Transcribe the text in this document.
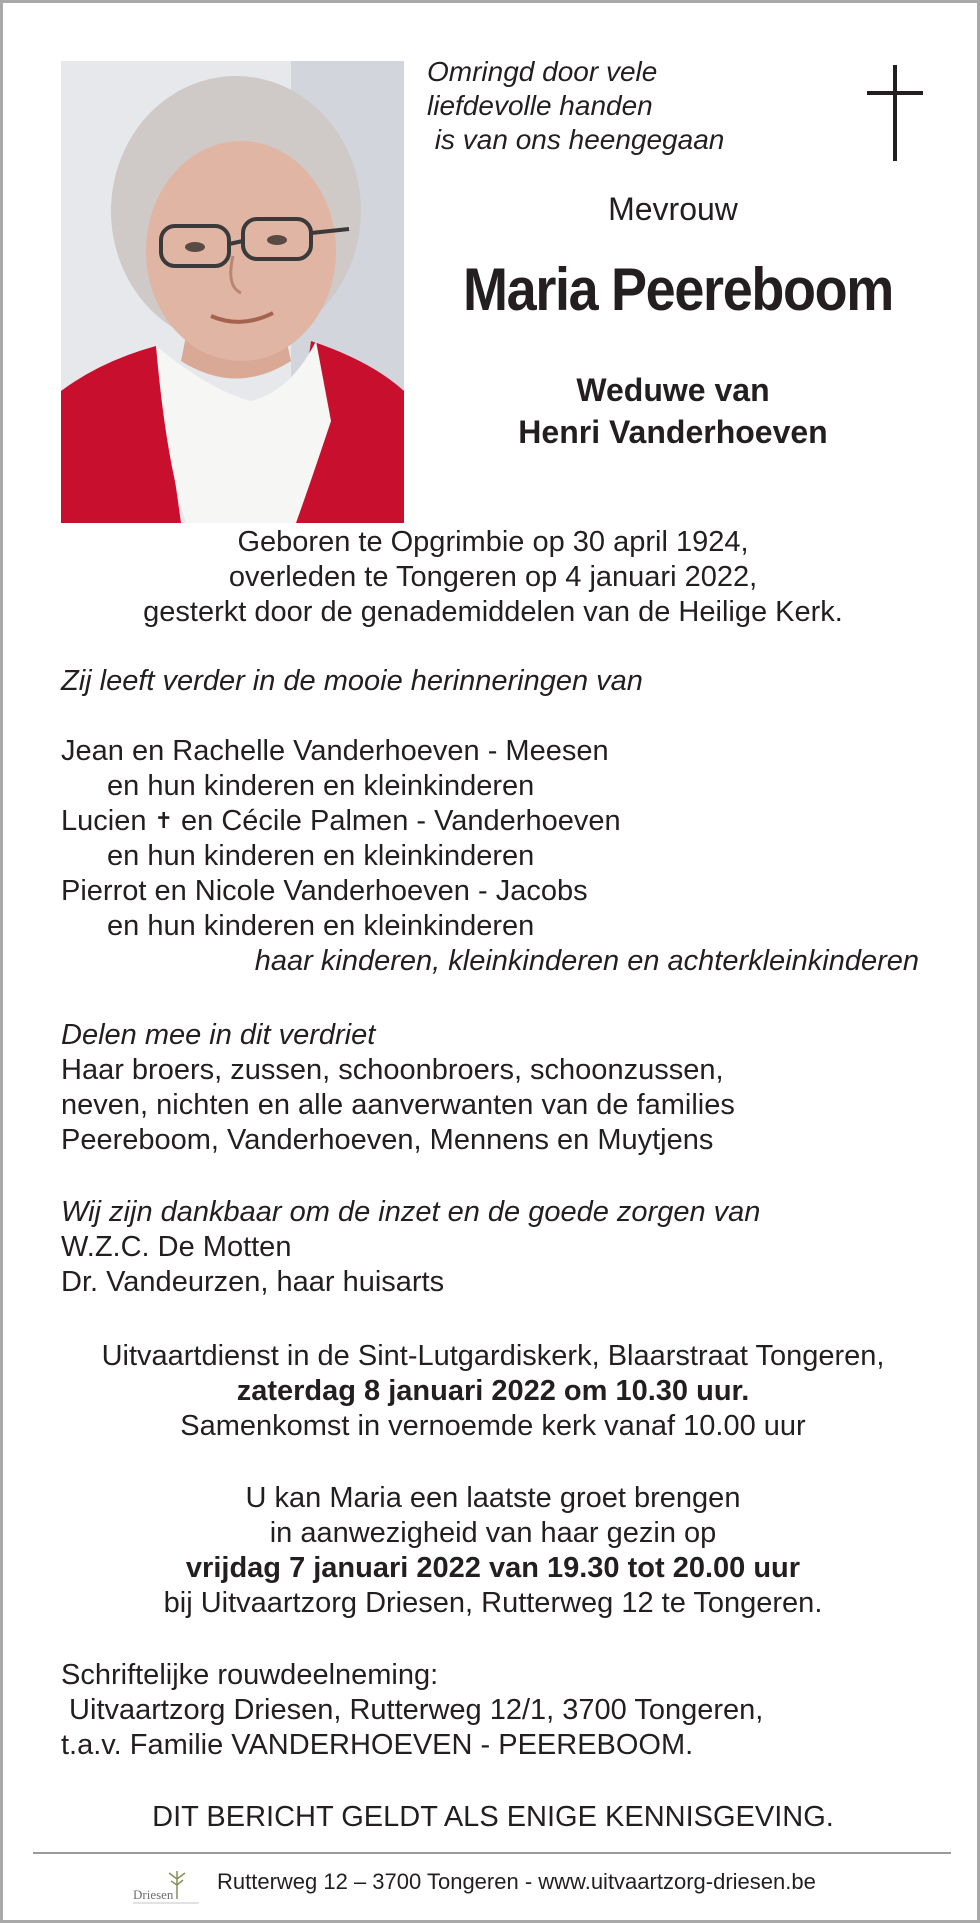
Omringd door vele
liefdevolle handen
is van ons heengegaan
Mevrouw
Maria Peereboom
Weduwe van
Henri Vanderhoeven
Geboren te Opgrimbie op 30 april 1924,
overleden te Tongeren op 4 januari 2022,
gesterkt door de genademiddelen van de Heilige Kerk.
Zij leeft verder in de mooie herinneringen van
Jean en Rachelle Vanderhoeven - Meesen
en hun kinderen en kleinkinderen
Lucien ✝ en Cécile Palmen - Vanderhoeven
en hun kinderen en kleinkinderen
Pierrot en Nicole Vanderhoeven - Jacobs
en hun kinderen en kleinkinderen
haar kinderen, kleinkinderen en achterkleinkinderen
Delen mee in dit verdriet
Haar broers, zussen, schoonbroers, schoonzussen,
neven, nichten en alle aanverwanten van de families
Peereboom, Vanderhoeven, Mennens en Muytjens
Wij zijn dankbaar om de inzet en de goede zorgen van
W.Z.C. De Motten
Dr. Vandeurzen, haar huisarts
Uitvaartdienst in de Sint-Lutgardiskerk, Blaarstraat Tongeren,
zaterdag 8 januari 2022 om 10.30 uur.
Samenkomst in vernoemde kerk vanaf 10.00 uur
U kan Maria een laatste groet brengen
in aanwezigheid van haar gezin op
vrijdag 7 januari 2022 van 19.30 tot 20.00 uur
bij Uitvaartzorg Driesen, Rutterweg 12 te Tongeren.
Schriftelijke rouwdeelneming:
Uitvaartzorg Driesen, Rutterweg 12/1, 3700 Tongeren,
t.a.v. Familie VANDERHOEVEN - PEEREBOOM.
DIT BERICHT GELDT ALS ENIGE KENNISGEVING.
Driesen
Rutterweg 12 – 3700 Tongeren - www.uitvaartzorg-driesen.be
